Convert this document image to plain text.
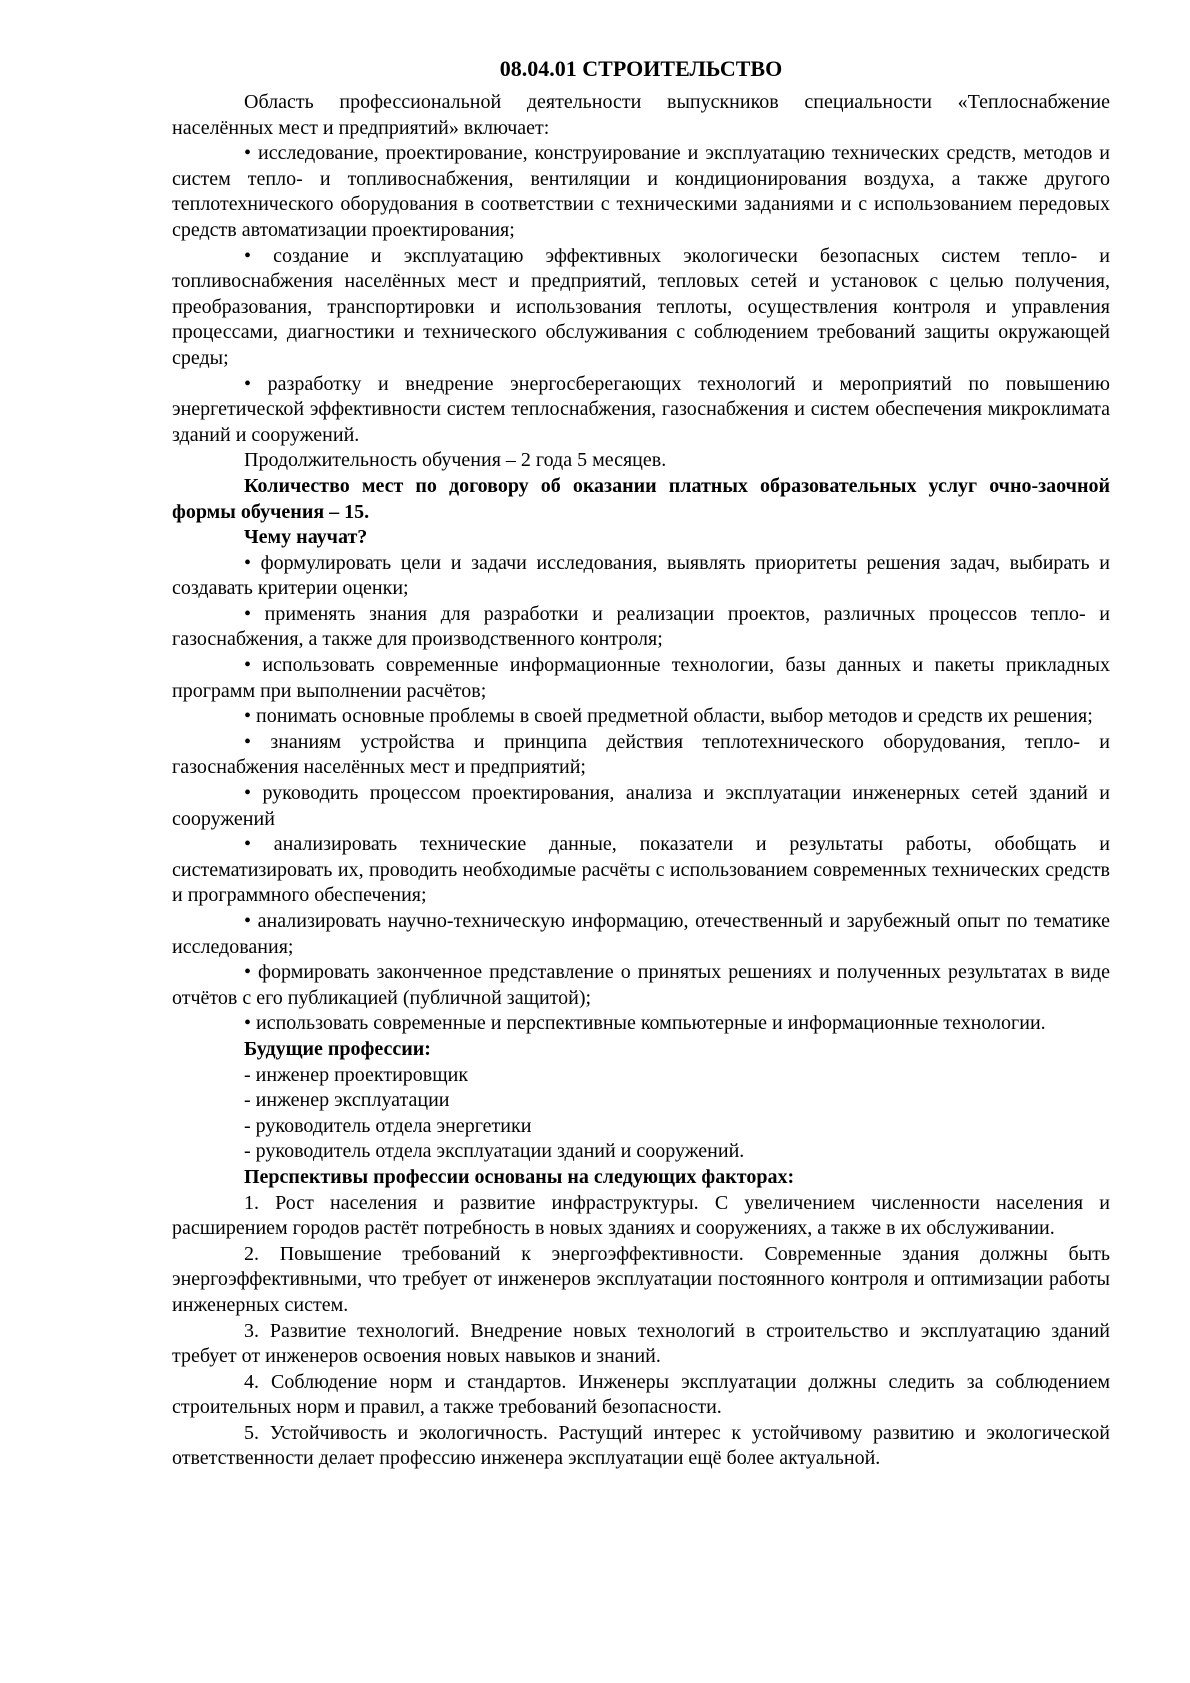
08.04.01 СТРОИТЕЛЬСТВО

Область профессиональной деятельности выпускников специальности «Теплоснабжение населённых мест и предприятий» включает:

• исследование, проектирование, конструирование и эксплуатацию технических средств, методов и систем тепло- и топливоснабжения, вентиляции и кондиционирования воздуха, а также другого теплотехнического оборудования в соответствии с техническими заданиями и с использованием передовых средств автоматизации проектирования;

• создание и эксплуатацию эффективных экологически безопасных систем тепло- и топливоснабжения населённых мест и предприятий, тепловых сетей и установок с целью получения, преобразования, транспортировки и использования теплоты, осуществления контроля и управления процессами, диагностики и технического обслуживания с соблюдением требований защиты окружающей среды;

• разработку и внедрение энергосберегающих технологий и мероприятий по повышению энергетической эффективности систем теплоснабжения, газоснабжения и систем обеспечения микроклимата зданий и сооружений.

Продолжительность обучения – 2 года 5 месяцев.

Количество мест по договору об оказании платных образовательных услуг очно-заочной формы обучения – 15.

Чему научат?

• формулировать цели и задачи исследования, выявлять приоритеты решения задач, выбирать и создавать критерии оценки;

• применять знания для разработки и реализации проектов, различных процессов тепло- и газоснабжения, а также для производственного контроля;

• использовать современные информационные технологии, базы данных и пакеты прикладных программ при выполнении расчётов;

• понимать основные проблемы в своей предметной области, выбор методов и средств их решения;

• знаниям устройства и принципа действия теплотехнического оборудования, тепло- и газоснабжения населённых мест и предприятий;

• руководить процессом проектирования, анализа и эксплуатации инженерных сетей зданий и сооружений

• анализировать технические данные, показатели и результаты работы, обобщать и систематизировать их, проводить необходимые расчёты с использованием современных технических средств и программного обеспечения;

• анализировать научно-техническую информацию, отечественный и зарубежный опыт по тематике исследования;

• формировать законченное представление о принятых решениях и полученных результатах в виде отчётов с его публикацией (публичной защитой);

• использовать современные и перспективные компьютерные и информационные технологии.

Будущие профессии:

- инженер проектировщик

- инженер эксплуатации

- руководитель отдела энергетики

- руководитель отдела эксплуатации зданий и сооружений.

Перспективы профессии основаны на следующих факторах:

1. Рост населения и развитие инфраструктуры. С увеличением численности населения и расширением городов растёт потребность в новых зданиях и сооружениях, а также в их обслуживании.

2. Повышение требований к энергоэффективности. Современные здания должны быть энергоэффективными, что требует от инженеров эксплуатации постоянного контроля и оптимизации работы инженерных систем.

3. Развитие технологий. Внедрение новых технологий в строительство и эксплуатацию зданий требует от инженеров освоения новых навыков и знаний.

4. Соблюдение норм и стандартов. Инженеры эксплуатации должны следить за соблюдением строительных норм и правил, а также требований безопасности.

5. Устойчивость и экологичность. Растущий интерес к устойчивому развитию и экологической ответственности делает профессию инженера эксплуатации ещё более актуальной.
